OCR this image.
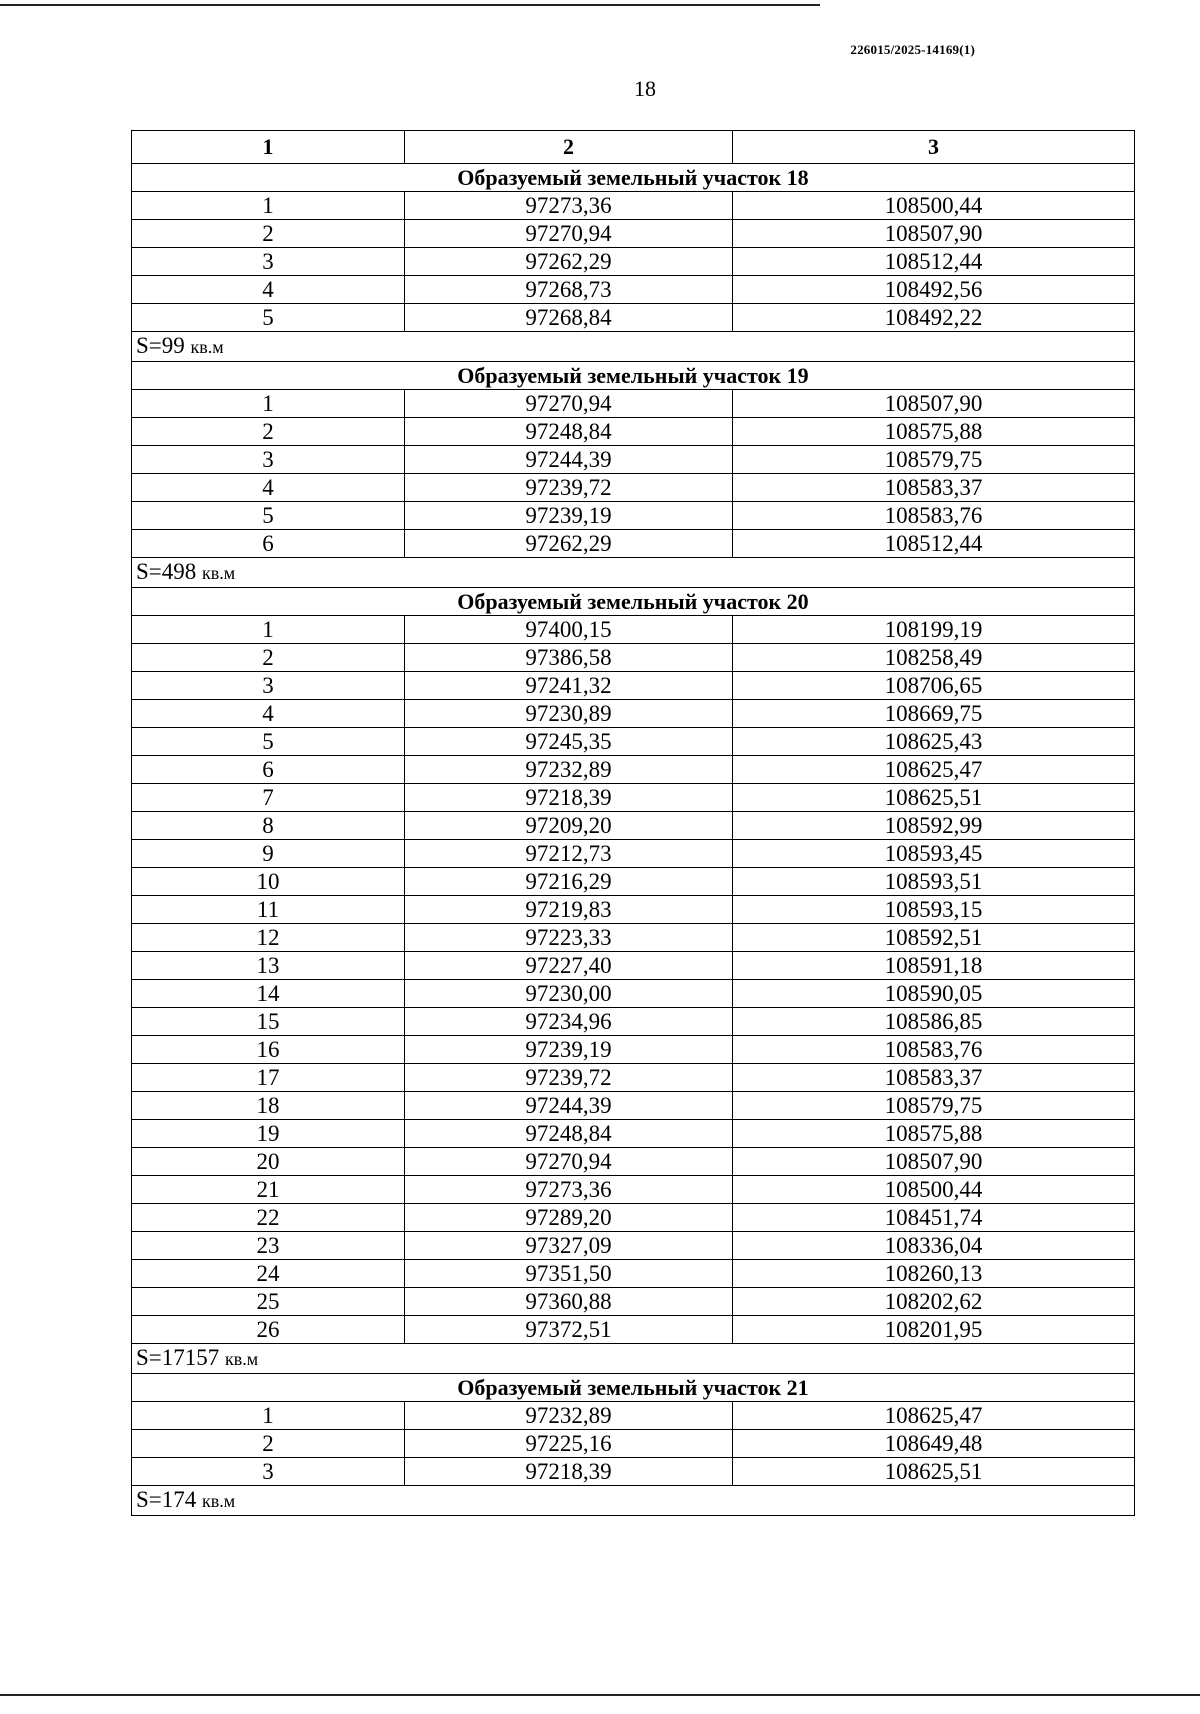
226015/2025-14169(1)
18
1	2	3
Образуемый земельный участок 18		
1	97273,36	108500,44
2	97270,94	108507,90
3	97262,29	108512,44
4	97268,73	108492,56
5	97268,84	108492,22
S=99 кв.м		
Образуемый земельный участок 19		
1	97270,94	108507,90
2	97248,84	108575,88
3	97244,39	108579,75
4	97239,72	108583,37
5	97239,19	108583,76
6	97262,29	108512,44
S=498 кв.м		
Образуемый земельный участок 20		
1	97400,15	108199,19
2	97386,58	108258,49
3	97241,32	108706,65
4	97230,89	108669,75
5	97245,35	108625,43
6	97232,89	108625,47
7	97218,39	108625,51
8	97209,20	108592,99
9	97212,73	108593,45
10	97216,29	108593,51
11	97219,83	108593,15
12	97223,33	108592,51
13	97227,40	108591,18
14	97230,00	108590,05
15	97234,96	108586,85
16	97239,19	108583,76
17	97239,72	108583,37
18	97244,39	108579,75
19	97248,84	108575,88
20	97270,94	108507,90
21	97273,36	108500,44
22	97289,20	108451,74
23	97327,09	108336,04
24	97351,50	108260,13
25	97360,88	108202,62
26	97372,51	108201,95
S=17157 кв.м		
Образуемый земельный участок 21		
1	97232,89	108625,47
2	97225,16	108649,48
3	97218,39	108625,51
S=174 кв.м		
